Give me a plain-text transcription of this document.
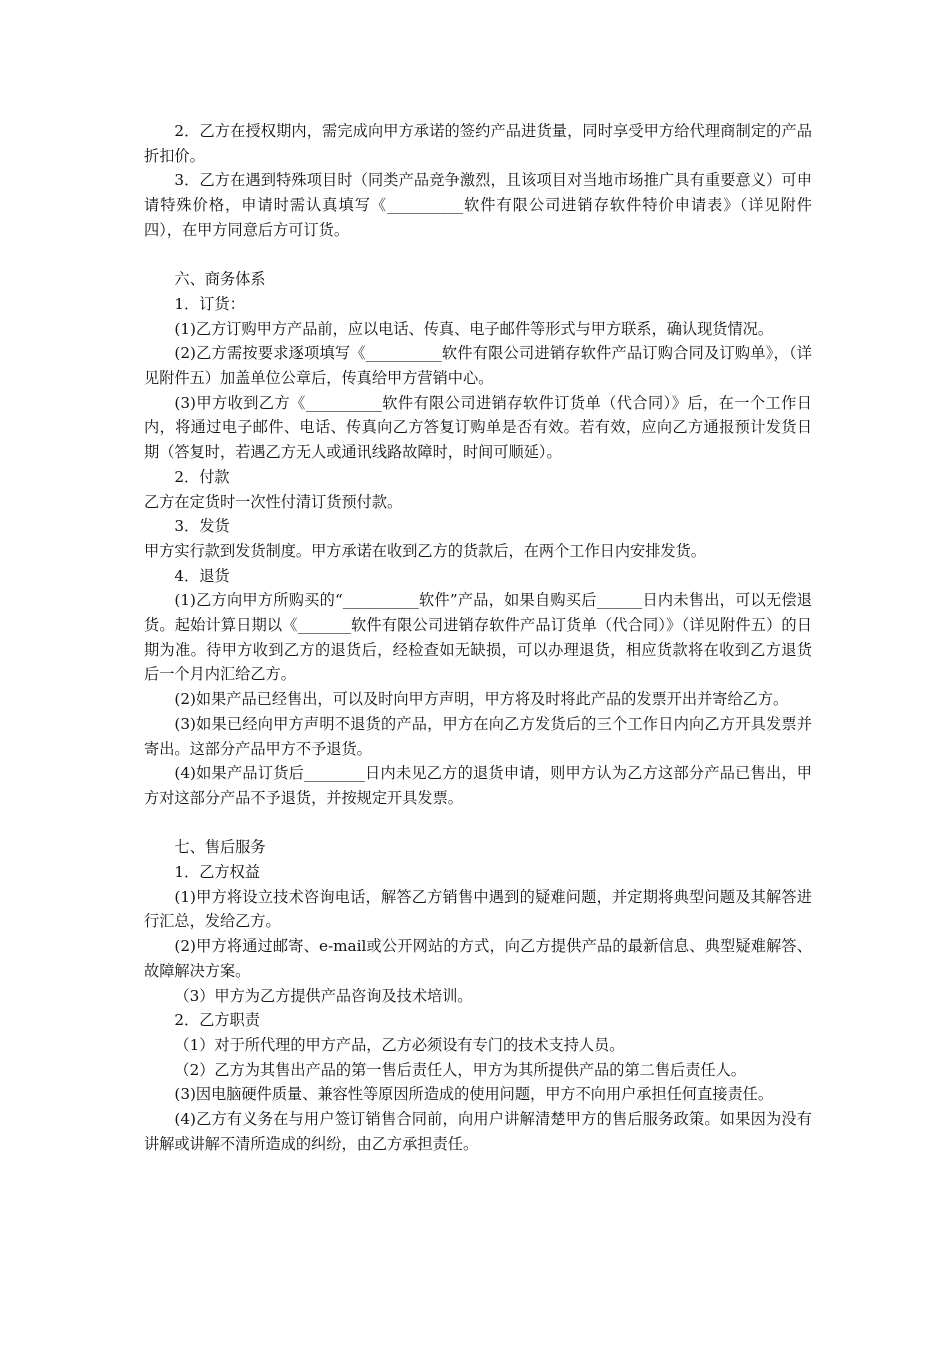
2．乙方在授权期内，需完成向甲方承诺的签约产品进货量，同时享受甲方给代理商制定的产品折扣价。

3．乙方在遇到特殊项目时（同类产品竞争激烈，且该项目对当地市场推广具有重要意义）可申请特殊价格，申请时需认真填写《__________软件有限公司进销存软件特价申请表》（详见附件四），在甲方同意后方可订货。

六、商务体系

1．订货：

(1)乙方订购甲方产品前，应以电话、传真、电子邮件等形式与甲方联系，确认现货情况。

(2)乙方需按要求逐项填写《__________软件有限公司进销存软件产品订购合同及订购单》，（详见附件五）加盖单位公章后，传真给甲方营销中心。

(3)甲方收到乙方《__________软件有限公司进销存软件订货单（代合同）》后，在一个工作日内，将通过电子邮件、电话、传真向乙方答复订购单是否有效。若有效，应向乙方通报预计发货日期（答复时，若遇乙方无人或通讯线路故障时，时间可顺延）。

2．付款

乙方在定货时一次性付清订货预付款。

3．发货

甲方实行款到发货制度。甲方承诺在收到乙方的货款后，在两个工作日内安排发货。

4．退货

(1)乙方向甲方所购买的“__________软件”产品，如果自购买后______日内未售出，可以无偿退货。起始计算日期以《_______软件有限公司进销存软件产品订货单（代合同）》（详见附件五）的日期为准。待甲方收到乙方的退货后，经检查如无缺损，可以办理退货，相应货款将在收到乙方退货后一个月内汇给乙方。

(2)如果产品已经售出，可以及时向甲方声明，甲方将及时将此产品的发票开出并寄给乙方。

(3)如果已经向甲方声明不退货的产品，甲方在向乙方发货后的三个工作日内向乙方开具发票并寄出。这部分产品甲方不予退货。

(4)如果产品订货后________日内未见乙方的退货申请，则甲方认为乙方这部分产品已售出，甲方对这部分产品不予退货，并按规定开具发票。

七、售后服务

1．乙方权益

(1)甲方将设立技术咨询电话，解答乙方销售中遇到的疑难问题，并定期将典型问题及其解答进行汇总，发给乙方。

(2)甲方将通过邮寄、e-mail或公开网站的方式，向乙方提供产品的最新信息、典型疑难解答、故障解决方案。

（3）甲方为乙方提供产品咨询及技术培训。

2．乙方职责

（1）对于所代理的甲方产品，乙方必须设有专门的技术支持人员。

（2）乙方为其售出产品的第一售后责任人，甲方为其所提供产品的第二售后责任人。

(3)因电脑硬件质量、兼容性等原因所造成的使用问题，甲方不向用户承担任何直接责任。

(4)乙方有义务在与用户签订销售合同前，向用户讲解清楚甲方的售后服务政策。如果因为没有讲解或讲解不清所造成的纠纷，由乙方承担责任。
